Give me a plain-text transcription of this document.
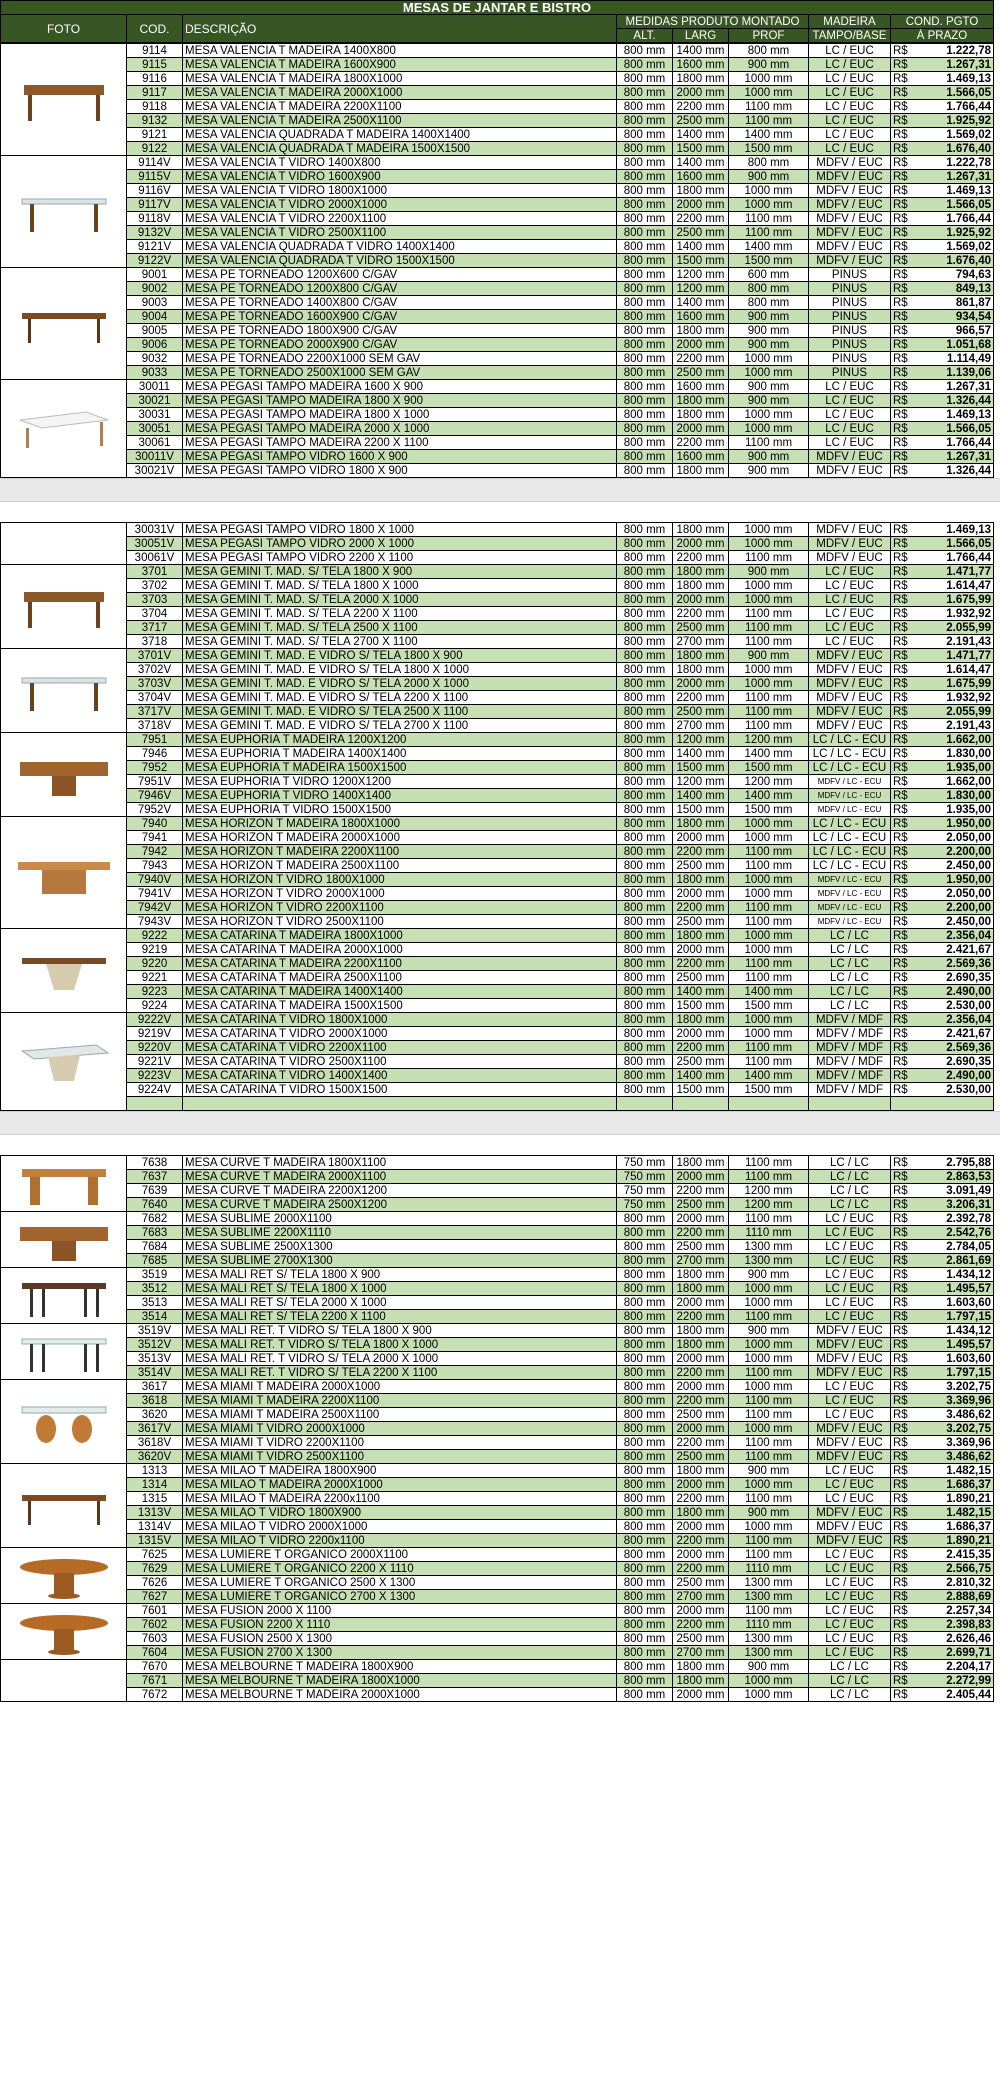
MESAS DE JANTAR E BISTRO							
FOTO	COD.	DESCRIÇÃO	MEDIDAS PRODUTO MONTADO			MADEIRA	COND. PGTO
			ALT.	LARG	PROF	TAMPO/BASE	À PRAZO
	9114	MESA VALENCIA T MADEIRA 1400X800	800 mm	1400 mm	800 mm	LC / EUC	R$ 1.222,78
	9115	MESA VALENCIA T MADEIRA 1600X900	800 mm	1600 mm	900 mm	LC / EUC	R$ 1.267,31
	9116	MESA VALENCIA T MADEIRA 1800X1000	800 mm	1800 mm	1000 mm	LC / EUC	R$ 1.469,13
	9117	MESA VALENCIA T MADEIRA 2000X1000	800 mm	2000 mm	1000 mm	LC / EUC	R$ 1.566,05
	9118	MESA VALENCIA T MADEIRA 2200X1100	800 mm	2200 mm	1100 mm	LC / EUC	R$ 1.766,44
	9132	MESA VALENCIA T MADEIRA 2500X1100	800 mm	2500 mm	1100 mm	LC / EUC	R$ 1.925,92
	9121	MESA VALENCIA QUADRADA T MADEIRA 1400X1400	800 mm	1400 mm	1400 mm	LC / EUC	R$ 1.569,02
	9122	MESA VALENCIA QUADRADA T MADEIRA 1500X1500	800 mm	1500 mm	1500 mm	LC / EUC	R$ 1.676,40

	9114V	MESA VALENCIA T VIDRO 1400X800	800 mm	1400 mm	800 mm	MDFV / EUC	R$ 1.222,78
	9115V	MESA VALENCIA T VIDRO 1600X900	800 mm	1600 mm	900 mm	MDFV / EUC	R$ 1.267,31
	9116V	MESA VALENCIA T VIDRO 1800X1000	800 mm	1800 mm	1000 mm	MDFV / EUC	R$ 1.469,13
	9117V	MESA VALENCIA T VIDRO 2000X1000	800 mm	2000 mm	1000 mm	MDFV / EUC	R$ 1.566,05
	9118V	MESA VALENCIA T VIDRO 2200X1100	800 mm	2200 mm	1100 mm	MDFV / EUC	R$ 1.766,44
	9132V	MESA VALENCIA T VIDRO 2500X1100	800 mm	2500 mm	1100 mm	MDFV / EUC	R$ 1.925,92
	9121V	MESA VALENCIA QUADRADA T VIDRO 1400X1400	800 mm	1400 mm	1400 mm	MDFV / EUC	R$ 1.569,02
	9122V	MESA VALENCIA QUADRADA T VIDRO 1500X1500	800 mm	1500 mm	1500 mm	MDFV / EUC	R$ 1.676,40

	9001	MESA PE TORNEADO 1200X600 C/GAV	800 mm	1200 mm	600 mm	PINUS	R$ 794,63
	9002	MESA PE TORNEADO 1200X800 C/GAV	800 mm	1200 mm	800 mm	PINUS	R$ 849,13
	9003	MESA PE TORNEADO 1400X800 C/GAV	800 mm	1400 mm	800 mm	PINUS	R$ 861,87
	9004	MESA PE TORNEADO 1600X900 C/GAV	800 mm	1600 mm	900 mm	PINUS	R$ 934,54
	9005	MESA PE TORNEADO 1800X900 C/GAV	800 mm	1800 mm	900 mm	PINUS	R$ 966,57
	9006	MESA PE TORNEADO 2000X900 C/GAV	800 mm	2000 mm	900 mm	PINUS	R$ 1.051,68
	9032	MESA PE TORNEADO 2200X1000 SEM GAV	800 mm	2200 mm	1000 mm	PINUS	R$ 1.114,49
	9033	MESA PE TORNEADO 2500X1000 SEM GAV	800 mm	2500 mm	1000 mm	PINUS	R$ 1.139,06

	30011	MESA PEGASI TAMPO MADEIRA 1600 X 900	800 mm	1600 mm	900 mm	LC / EUC	R$ 1.267,31
	30021	MESA PEGASI TAMPO MADEIRA 1800 X 900	800 mm	1800 mm	900 mm	LC / EUC	R$ 1.326,44
	30031	MESA PEGASI TAMPO MADEIRA 1800 X 1000	800 mm	1800 mm	1000 mm	LC / EUC	R$ 1.469,13
	30051	MESA PEGASI TAMPO MADEIRA 2000 X 1000	800 mm	2000 mm	1000 mm	LC / EUC	R$ 1.566,05
	30061	MESA PEGASI TAMPO MADEIRA 2200 X 1100	800 mm	2200 mm	1100 mm	LC / EUC	R$ 1.766,44
	30011V	MESA PEGASI TAMPO VIDRO 1600 X 900	800 mm	1600 mm	900 mm	MDFV / EUC	R$ 1.267,31
	30021V	MESA PEGASI TAMPO VIDRO 1800 X 900	800 mm	1800 mm	900 mm	MDFV / EUC	R$ 1.326,44
	30031V	MESA PEGASI TAMPO VIDRO 1800 X 1000	800 mm	1800 mm	1000 mm	MDFV / EUC	R$ 1.469,13
	30051V	MESA PEGASI TAMPO VIDRO 2000 X 1000	800 mm	2000 mm	1000 mm	MDFV / EUC	R$ 1.566,05
	30061V	MESA PEGASI TAMPO VIDRO 2200 X 1100	800 mm	2200 mm	1100 mm	MDFV / EUC	R$ 1.766,44

	3701	MESA GEMINI T. MAD. S/ TELA 1800 X 900	800 mm	1800 mm	900 mm	LC / EUC	R$ 1.471,77
	3702	MESA GEMINI T. MAD. S/ TELA 1800 X 1000	800 mm	1800 mm	1000 mm	LC / EUC	R$ 1.614,47
	3703	MESA GEMINI T. MAD. S/ TELA 2000 X 1000	800 mm	2000 mm	1000 mm	LC / EUC	R$ 1.675,99
	3704	MESA GEMINI T. MAD. S/ TELA 2200 X 1100	800 mm	2200 mm	1100 mm	LC / EUC	R$ 1.932,92
	3717	MESA GEMINI T. MAD. S/ TELA 2500 X 1100	800 mm	2500 mm	1100 mm	LC / EUC	R$ 2.055,99
	3718	MESA GEMINI T. MAD. S/ TELA 2700 X 1100	800 mm	2700 mm	1100 mm	LC / EUC	R$ 2.191,43

	3701V	MESA GEMINI T. MAD. E VIDRO S/ TELA 1800 X 900	800 mm	1800 mm	900 mm	MDFV / EUC	R$ 1.471,77
	3702V	MESA GEMINI T. MAD. E VIDRO S/ TELA 1800 X 1000	800 mm	1800 mm	1000 mm	MDFV / EUC	R$ 1.614,47
	3703V	MESA GEMINI T. MAD. E VIDRO S/ TELA 2000 X 1000	800 mm	2000 mm	1000 mm	MDFV / EUC	R$ 1.675,99
	3704V	MESA GEMINI T. MAD. E VIDRO S/ TELA 2200 X 1100	800 mm	2200 mm	1100 mm	MDFV / EUC	R$ 1.932,92
	3717V	MESA GEMINI T. MAD. E VIDRO S/ TELA 2500 X 1100	800 mm	2500 mm	1100 mm	MDFV / EUC	R$ 2.055,99
	3718V	MESA GEMINI T. MAD. E VIDRO S/ TELA 2700 X 1100	800 mm	2700 mm	1100 mm	MDFV / EUC	R$ 2.191,43

	7951	MESA EUPHORIA T MADEIRA 1200X1200	800 mm	1200 mm	1200 mm	LC / LC - ECU	R$ 1.662,00
	7946	MESA EUPHORIA T MADEIRA 1400X1400	800 mm	1400 mm	1400 mm	LC / LC - ECU	R$ 1.830,00
	7952	MESA EUPHORIA T MADEIRA 1500X1500	800 mm	1500 mm	1500 mm	LC / LC - ECU	R$ 1.935,00
	7951V	MESA EUPHORIA T VIDRO 1200X1200	800 mm	1200 mm	1200 mm	MDFV / LC - ECU	R$ 1.662,00
	7946V	MESA EUPHORIA T VIDRO 1400X1400	800 mm	1400 mm	1400 mm	MDFV / LC - ECU	R$ 1.830,00
	7952V	MESA EUPHORIA T VIDRO 1500X1500	800 mm	1500 mm	1500 mm	MDFV / LC - ECU	R$ 1.935,00

	7940	MESA HORIZON T MADEIRA 1800X1000	800 mm	1800 mm	1000 mm	LC / LC - ECU	R$ 1.950,00
	7941	MESA HORIZON T MADEIRA 2000X1000	800 mm	2000 mm	1000 mm	LC / LC - ECU	R$ 2.050,00
	7942	MESA HORIZON T MADEIRA 2200X1100	800 mm	2200 mm	1100 mm	LC / LC - ECU	R$ 2.200,00
	7943	MESA HORIZON T MADEIRA 2500X1100	800 mm	2500 mm	1100 mm	LC / LC - ECU	R$ 2.450,00
	7940V	MESA HORIZON T VIDRO 1800X1000	800 mm	1800 mm	1000 mm	MDFV / LC - ECU	R$ 1.950,00
	7941V	MESA HORIZON T VIDRO 2000X1000	800 mm	2000 mm	1000 mm	MDFV / LC - ECU	R$ 2.050,00
	7942V	MESA HORIZON T VIDRO 2200X1100	800 mm	2200 mm	1100 mm	MDFV / LC - ECU	R$ 2.200,00
	7943V	MESA HORIZON T VIDRO 2500X1100	800 mm	2500 mm	1100 mm	MDFV / LC - ECU	R$ 2.450,00

	9222	MESA CATARINA T MADEIRA 1800X1000	800 mm	1800 mm	1000 mm	LC / LC	R$ 2.356,04
	9219	MESA CATARINA T MADEIRA 2000X1000	800 mm	2000 mm	1000 mm	LC / LC	R$ 2.421,67
	9220	MESA CATARINA T MADEIRA 2200X1100	800 mm	2200 mm	1100 mm	LC / LC	R$ 2.569,36
	9221	MESA CATARINA T MADEIRA 2500X1100	800 mm	2500 mm	1100 mm	LC / LC	R$ 2.690,35
	9223	MESA CATARINA T MADEIRA 1400X1400	800 mm	1400 mm	1400 mm	LC / LC	R$ 2.490,00
	9224	MESA CATARINA T MADEIRA 1500X1500	800 mm	1500 mm	1500 mm	LC / LC	R$ 2.530,00

	9222V	MESA CATARINA T VIDRO 1800X1000	800 mm	1800 mm	1000 mm	MDFV / MDF	R$ 2.356,04
	9219V	MESA CATARINA T VIDRO 2000X1000	800 mm	2000 mm	1000 mm	MDFV / MDF	R$ 2.421,67
	9220V	MESA CATARINA T VIDRO 2200X1100	800 mm	2200 mm	1100 mm	MDFV / MDF	R$ 2.569,36
	9221V	MESA CATARINA T VIDRO 2500X1100	800 mm	2500 mm	1100 mm	MDFV / MDF	R$ 2.690,35
	9223V	MESA CATARINA T VIDRO 1400X1400	800 mm	1400 mm	1400 mm	MDFV / MDF	R$ 2.490,00
	9224V	MESA CATARINA T VIDRO 1500X1500	800 mm	1500 mm	1500 mm	MDFV / MDF	R$ 2.530,00

	7638	MESA CURVE T MADEIRA 1800X1100	750 mm	1800 mm	1100 mm	LC / LC	R$ 2.795,88
	7637	MESA CURVE T MADEIRA 2000X1100	750 mm	2000 mm	1100 mm	LC / LC	R$ 2.863,53
	7639	MESA CURVE T MADEIRA 2200X1200	750 mm	2200 mm	1200 mm	LC / LC	R$ 3.091,49
	7640	MESA CURVE T MADEIRA 2500X1200	750 mm	2500 mm	1200 mm	LC / LC	R$ 3.206,31

	7682	MESA SUBLIME 2000X1100	800 mm	2000 mm	1100 mm	LC / EUC	R$ 2.392,78
	7683	MESA SUBLIME 2200X1110	800 mm	2200 mm	1110 mm	LC / EUC	R$ 2.542,76
	7684	MESA SUBLIME 2500X1300	800 mm	2500 mm	1300 mm	LC / EUC	R$ 2.784,05
	7685	MESA SUBLIME 2700X1300	800 mm	2700 mm	1300 mm	LC / EUC	R$ 2.861,69

	3519	MESA MALI RET S/ TELA 1800 X 900	800 mm	1800 mm	900 mm	LC / EUC	R$ 1.434,12
	3512	MESA MALI RET S/ TELA 1800 X 1000	800 mm	1800 mm	1000 mm	LC / EUC	R$ 1.495,57
	3513	MESA MALI RET S/ TELA 2000 X 1000	800 mm	2000 mm	1000 mm	LC / EUC	R$ 1.603,60
	3514	MESA MALI RET S/ TELA 2200 X 1100	800 mm	2200 mm	1100 mm	LC / EUC	R$ 1.797,15

	3519V	MESA MALI RET. T VIDRO S/ TELA 1800 X 900	800 mm	1800 mm	900 mm	MDFV / EUC	R$ 1.434,12
	3512V	MESA MALI RET. T VIDRO S/ TELA 1800 X 1000	800 mm	1800 mm	1000 mm	MDFV / EUC	R$ 1.495,57
	3513V	MESA MALI RET. T VIDRO S/ TELA 2000 X 1000	800 mm	2000 mm	1000 mm	MDFV / EUC	R$ 1.603,60
	3514V	MESA MALI RET. T VIDRO S/ TELA 2200 X 1100	800 mm	2200 mm	1100 mm	MDFV / EUC	R$ 1.797,15

	3617	MESA MIAMI T MADEIRA 2000X1000	800 mm	2000 mm	1000 mm	LC / EUC	R$ 3.202,75
	3618	MESA MIAMI T MADEIRA 2200X1100	800 mm	2200 mm	1100 mm	LC / EUC	R$ 3.369,96
	3620	MESA MIAMI T MADEIRA 2500X1100	800 mm	2500 mm	1100 mm	LC / EUC	R$ 3.486,62
	3617V	MESA MIAMI T VIDRO 2000X1000	800 mm	2000 mm	1000 mm	MDFV / EUC	R$ 3.202,75
	3618V	MESA MIAMI T VIDRO 2200X1100	800 mm	2200 mm	1100 mm	MDFV / EUC	R$ 3.369,96
	3620V	MESA MIAMI T VIDRO 2500X1100	800 mm	2500 mm	1100 mm	MDFV / EUC	R$ 3.486,62

	1313	MESA MILAO T MADEIRA 1800X900	800 mm	1800 mm	900 mm	LC / EUC	R$ 1.482,15
	1314	MESA MILAO T MADEIRA 2000X1000	800 mm	2000 mm	1000 mm	LC / EUC	R$ 1.686,37
	1315	MESA MILAO T MADEIRA 2200x1100	800 mm	2200 mm	1100 mm	LC / EUC	R$ 1.890,21
	1313V	MESA MILAO T VIDRO 1800X900	800 mm	1800 mm	900 mm	MDFV / EUC	R$ 1.482,15
	1314V	MESA MILAO T VIDRO 2000X1000	800 mm	2000 mm	1000 mm	MDFV / EUC	R$ 1.686,37
	1315V	MESA MILAO T VIDRO 2200x1100	800 mm	2200 mm	1100 mm	MDFV / EUC	R$ 1.890,21

	7625	MESA LUMIERE T ORGANICO 2000X1100	800 mm	2000 mm	1100 mm	LC / EUC	R$ 2.415,35
	7629	MESA LUMIERE T ORGANICO 2200 X 1110	800 mm	2200 mm	1110 mm	LC / EUC	R$ 2.566,75
	7626	MESA LUMIERE T ORGANICO 2500 X 1300	800 mm	2500 mm	1300 mm	LC / EUC	R$ 2.810,32
	7627	MESA LUMIERE T ORGANICO 2700 X 1300	800 mm	2700 mm	1300 mm	LC / EUC	R$ 2.888,69

	7601	MESA FUSION 2000 X 1100	800 mm	2000 mm	1100 mm	LC / EUC	R$ 2.257,34
	7602	MESA FUSION 2200 X 1110	800 mm	2200 mm	1110 mm	LC / EUC	R$ 2.398,83
	7603	MESA FUSION 2500 X 1300	800 mm	2500 mm	1300 mm	LC / EUC	R$ 2.626,46
	7604	MESA FUSION 2700 X 1300	800 mm	2700 mm	1300 mm	LC / EUC	R$ 2.699,71
	7670	MESA MELBOURNE T MADEIRA 1800X900	800 mm	1800 mm	900 mm	LC / LC	R$ 2.204,17
	7671	MESA MELBOURNE T MADEIRA 1800X1000	800 mm	1800 mm	1000 mm	LC / LC	R$ 2.272,99
	7672	MESA MELBOURNE T MADEIRA 2000X1000	800 mm	2000 mm	1000 mm	LC / LC	R$ 2.405,44
